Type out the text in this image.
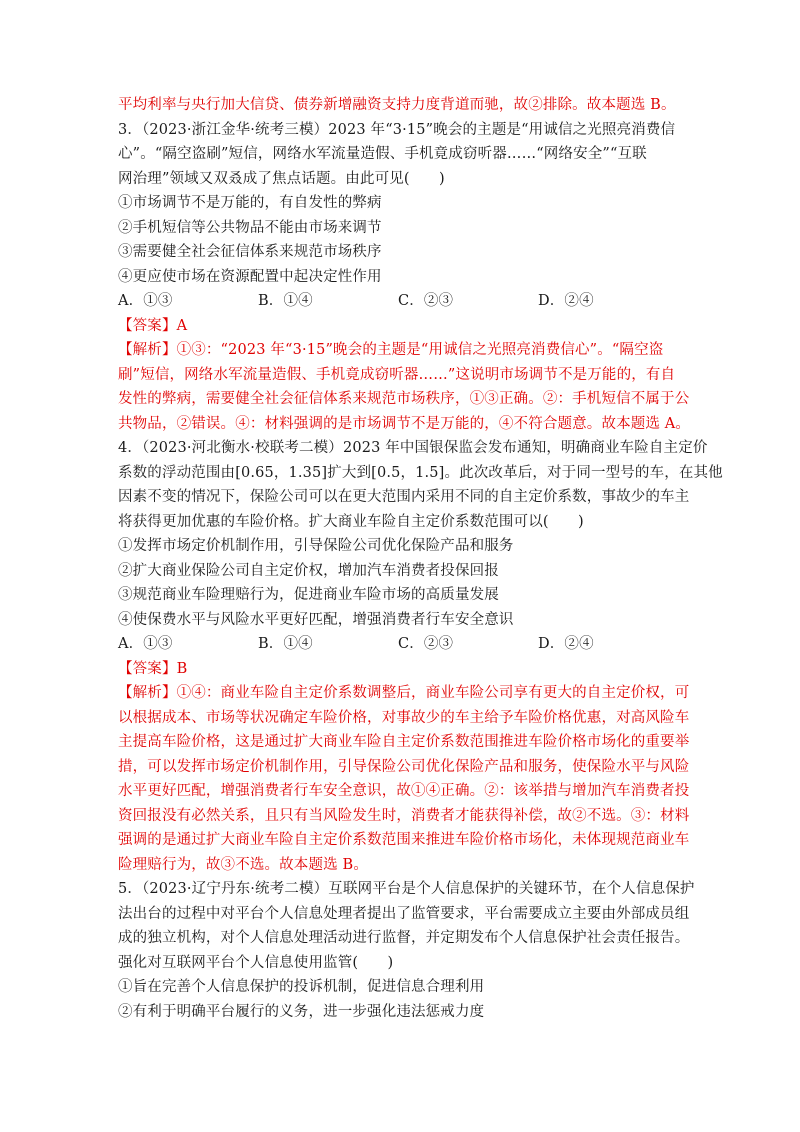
平均利率与央行加大信贷、债券新增融资支持力度背道而驰，故②排除。故本题选 B。
3．（2023·浙江金华·统考三模）2023 年“3·15”晚会的主题是“用诚信之光照亮消费信
心”。“隔空盗刷”短信，网络水军流量造假、手机竟成窃听器……“网络安全”“互联
网治理”领域又双叒成了焦点话题。由此可见(　　)
①市场调节不是万能的，有自发性的弊病
②手机短信等公共物品不能由市场来调节
③需要健全社会征信体系来规范市场秩序
④更应使市场在资源配置中起决定性作用
A．①③	B．①④	C．②③	D．②④
【答案】A
【解析】①③：“2023 年“3·15”晚会的主题是“用诚信之光照亮消费信心”。“隔空盗
刷”短信，网络水军流量造假、手机竟成窃听器……”这说明市场调节不是万能的，有自
发性的弊病，需要健全社会征信体系来规范市场秩序，①③正确。②：手机短信不属于公
共物品，②错误。④：材料强调的是市场调节不是万能的，④不符合题意。故本题选 A。
4．（2023·河北衡水·校联考二模）2023 年中国银保监会发布通知，明确商业车险自主定价
系数的浮动范围由[0.65，1.35]扩大到[0.5，1.5]。此次改革后，对于同一型号的车，在其他
因素不变的情况下，保险公司可以在更大范围内采用不同的自主定价系数，事故少的车主
将获得更加优惠的车险价格。扩大商业车险自主定价系数范围可以(　　)
①发挥市场定价机制作用，引导保险公司优化保险产品和服务
②扩大商业保险公司自主定价权，增加汽车消费者投保回报
③规范商业车险理赔行为，促进商业车险市场的高质量发展
④使保费水平与风险水平更好匹配，增强消费者行车安全意识
A．①③	B．①④	C．②③	D．②④
【答案】B
【解析】①④：商业车险自主定价系数调整后，商业车险公司享有更大的自主定价权，可
以根据成本、市场等状况确定车险价格，对事故少的车主给予车险价格优惠，对高风险车
主提高车险价格，这是通过扩大商业车险自主定价系数范围推进车险价格市场化的重要举
措，可以发挥市场定价机制作用，引导保险公司优化保险产品和服务，使保险水平与风险
水平更好匹配，增强消费者行车安全意识，故①④正确。②：该举措与增加汽车消费者投
资回报没有必然关系，且只有当风险发生时，消费者才能获得补偿，故②不选。③：材料
强调的是通过扩大商业车险自主定价系数范围来推进车险价格市场化，未体现规范商业车
险理赔行为，故③不选。故本题选 B。
5．（2023·辽宁丹东·统考二模）互联网平台是个人信息保护的关键环节，在个人信息保护
法出台的过程中对平台个人信息处理者提出了监管要求，平台需要成立主要由外部成员组
成的独立机构，对个人信息处理活动进行监督，并定期发布个人信息保护社会责任报告。
强化对互联网平台个人信息使用监管(　　)
①旨在完善个人信息保护的投诉机制，促进信息合理利用
②有利于明确平台履行的义务，进一步强化违法惩戒力度
